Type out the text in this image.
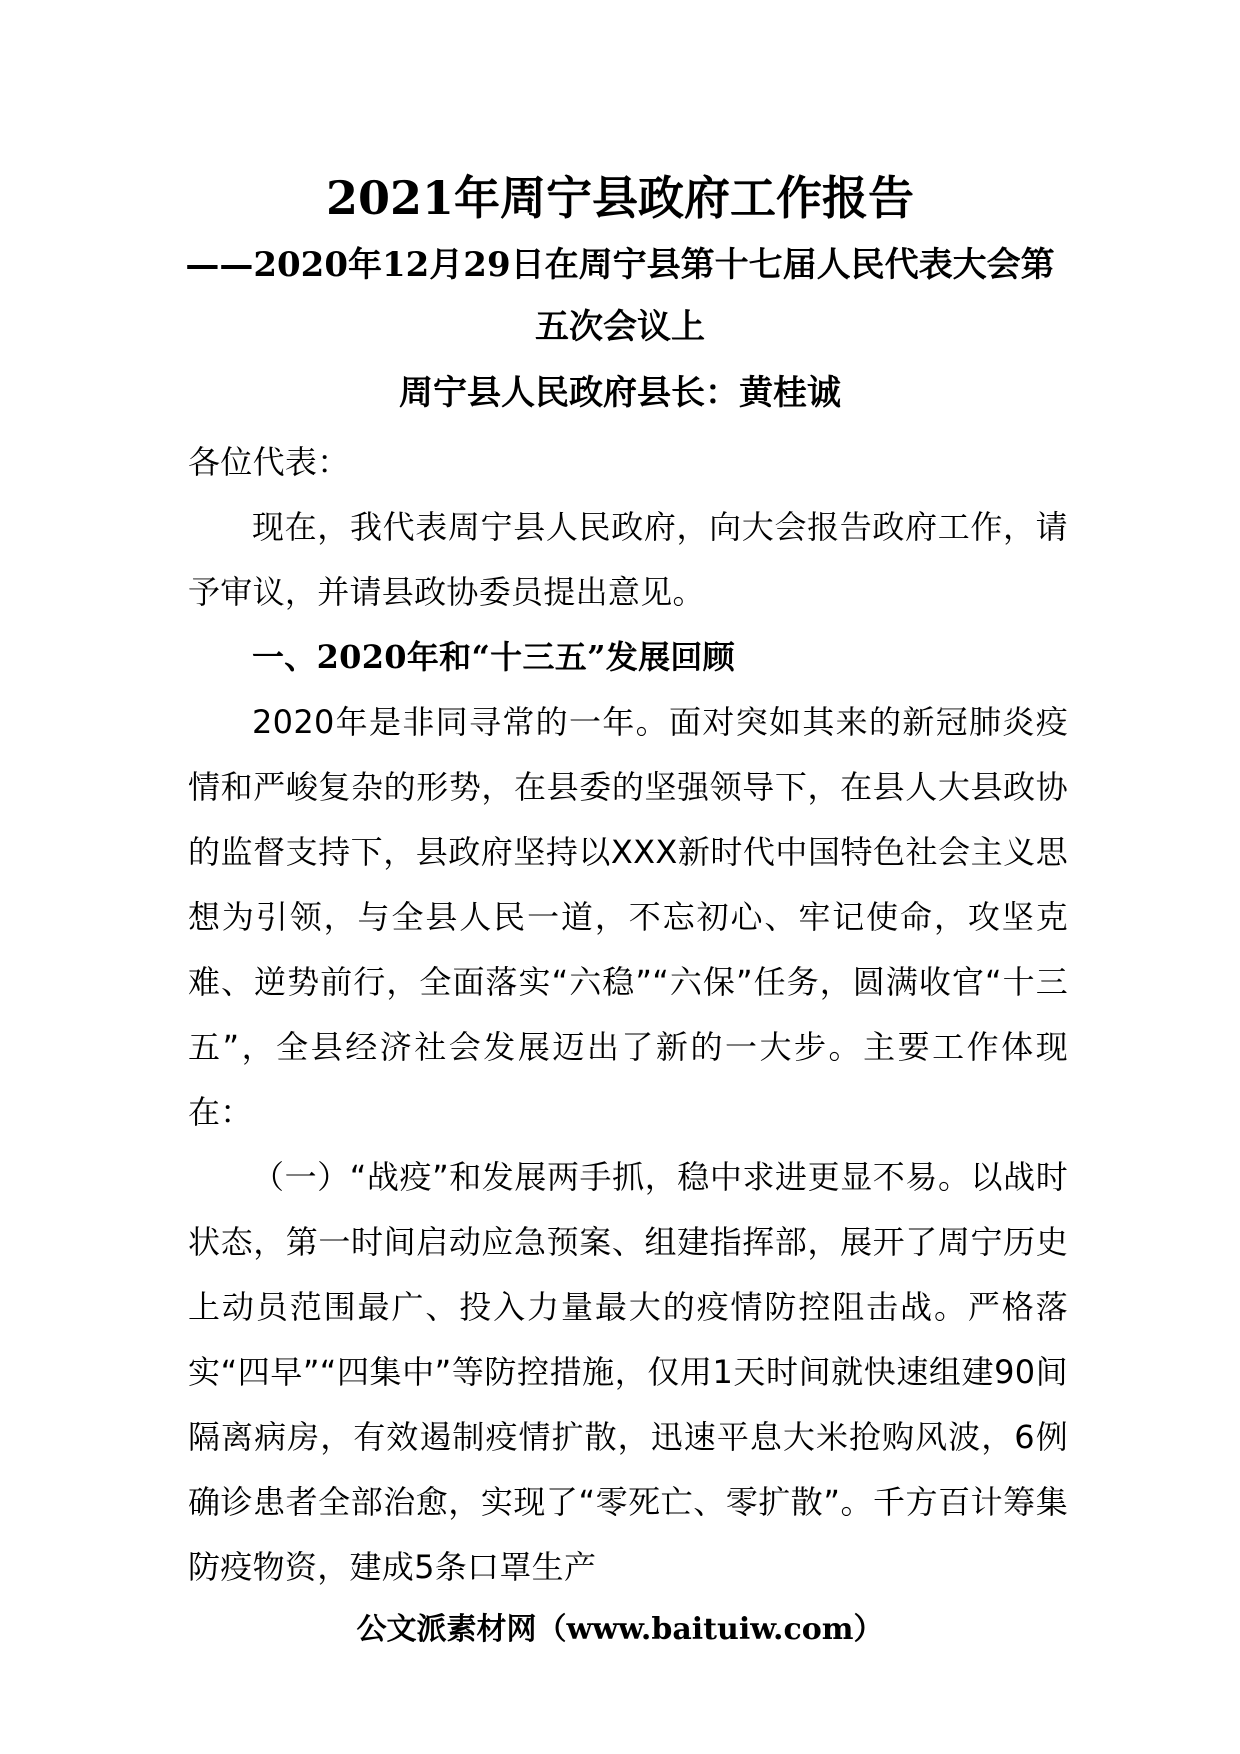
2021年周宁县政府工作报告
——2020年12月29日在周宁县第十七届人民代表大会第
五次会议上
周宁县人民政府县长：黄桂诚

各位代表：

现在，我代表周宁县人民政府，向大会报告政府工作，请予审议，并请县政协委员提出意见。

一、2020年和“十三五”发展回顾

2020年是非同寻常的一年。面对突如其来的新冠肺炎疫情和严峻复杂的形势，在县委的坚强领导下，在县人大县政协的监督支持下，县政府坚持以XXX新时代中国特色社会主义思想为引领，与全县人民一道，不忘初心、牢记使命，攻坚克难、逆势前行，全面落实“六稳”“六保”任务，圆满收官“十三五”，全县经济社会发展迈出了新的一大步。主要工作体现在：

（一）“战疫”和发展两手抓，稳中求进更显不易。以战时状态，第一时间启动应急预案、组建指挥部，展开了周宁历史上动员范围最广、投入力量最大的疫情防控阻击战。严格落实“四早”“四集中”等防控措施，仅用1天时间就快速组建90间隔离病房，有效遏制疫情扩散，迅速平息大米抢购风波，6例确诊患者全部治愈，实现了“零死亡、零扩散”。千方百计筹集防疫物资，建成5条口罩生产

公文派素材网（www.baituiw.com）
